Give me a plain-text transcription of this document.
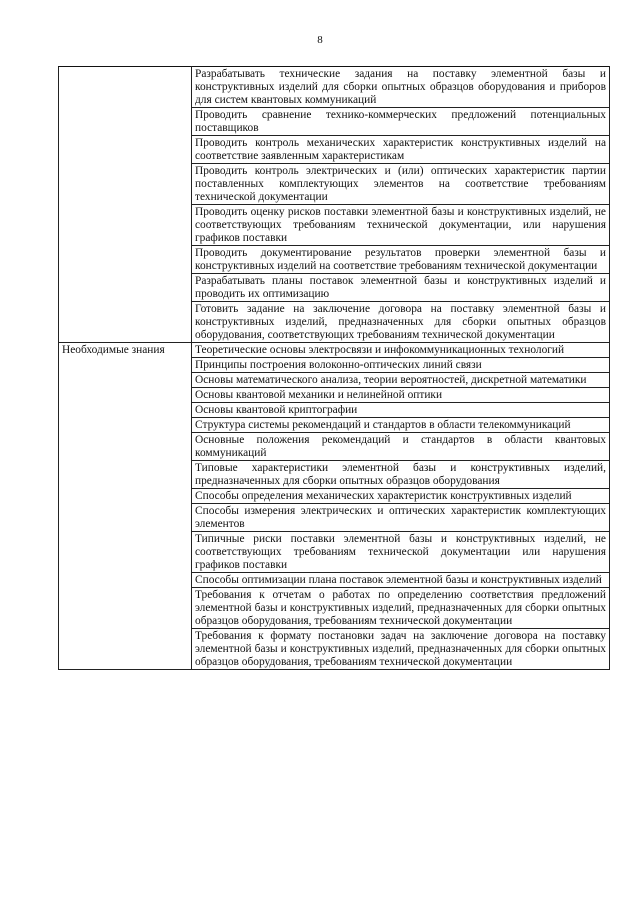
8
	Разрабатывать технические задания на поставку элементной базы и конструктивных изделий для сборки опытных образцов оборудования и приборов для систем квантовых коммуникаций
	Проводить сравнение технико-коммерческих предложений потенциальных поставщиков
	Проводить контроль механических характеристик конструктивных изделий на соответствие заявленным характеристикам
	Проводить контроль электрических и (или) оптических характеристик партии поставленных комплектующих элементов на соответствие требованиям технической документации
	Проводить оценку рисков поставки элементной базы и конструктивных изделий, не соответствующих требованиям технической документации, или нарушения графиков поставки
	Проводить документирование результатов проверки элементной базы и конструктивных изделий на соответствие требованиям технической документации
	Разрабатывать планы поставок элементной базы и конструктивных изделий и проводить их оптимизацию
	Готовить задание на заключение договора на поставку элементной базы и конструктивных изделий, предназначенных для сборки опытных образцов оборудования, соответствующих требованиям технической документации
Необходимые знания	Теоретические основы электросвязи и инфокоммуникационных технологий
	Принципы построения волоконно-оптических линий связи
	Основы математического анализа, теории вероятностей, дискретной математики
	Основы квантовой механики и нелинейной оптики
	Основы квантовой криптографии
	Структура системы рекомендаций и стандартов в области телекоммуникаций
	Основные положения рекомендаций и стандартов в области квантовых коммуникаций
	Типовые характеристики элементной базы и конструктивных изделий, предназначенных для сборки опытных образцов оборудования
	Способы определения механических характеристик конструктивных изделий
	Способы измерения электрических и оптических характеристик комплектующих элементов
	Типичные риски поставки элементной базы и конструктивных изделий, не соответствующих требованиям технической документации или нарушения графиков поставки
	Способы оптимизации плана поставок элементной базы и конструктивных изделий
	Требования к отчетам о работах по определению соответствия предложений элементной базы и конструктивных изделий, предназначенных для сборки опытных образцов оборудования, требованиям технической документации
	Требования к формату постановки задач на заключение договора на поставку элементной базы и конструктивных изделий, предназначенных для сборки опытных образцов оборудования, требованиям технической документации
